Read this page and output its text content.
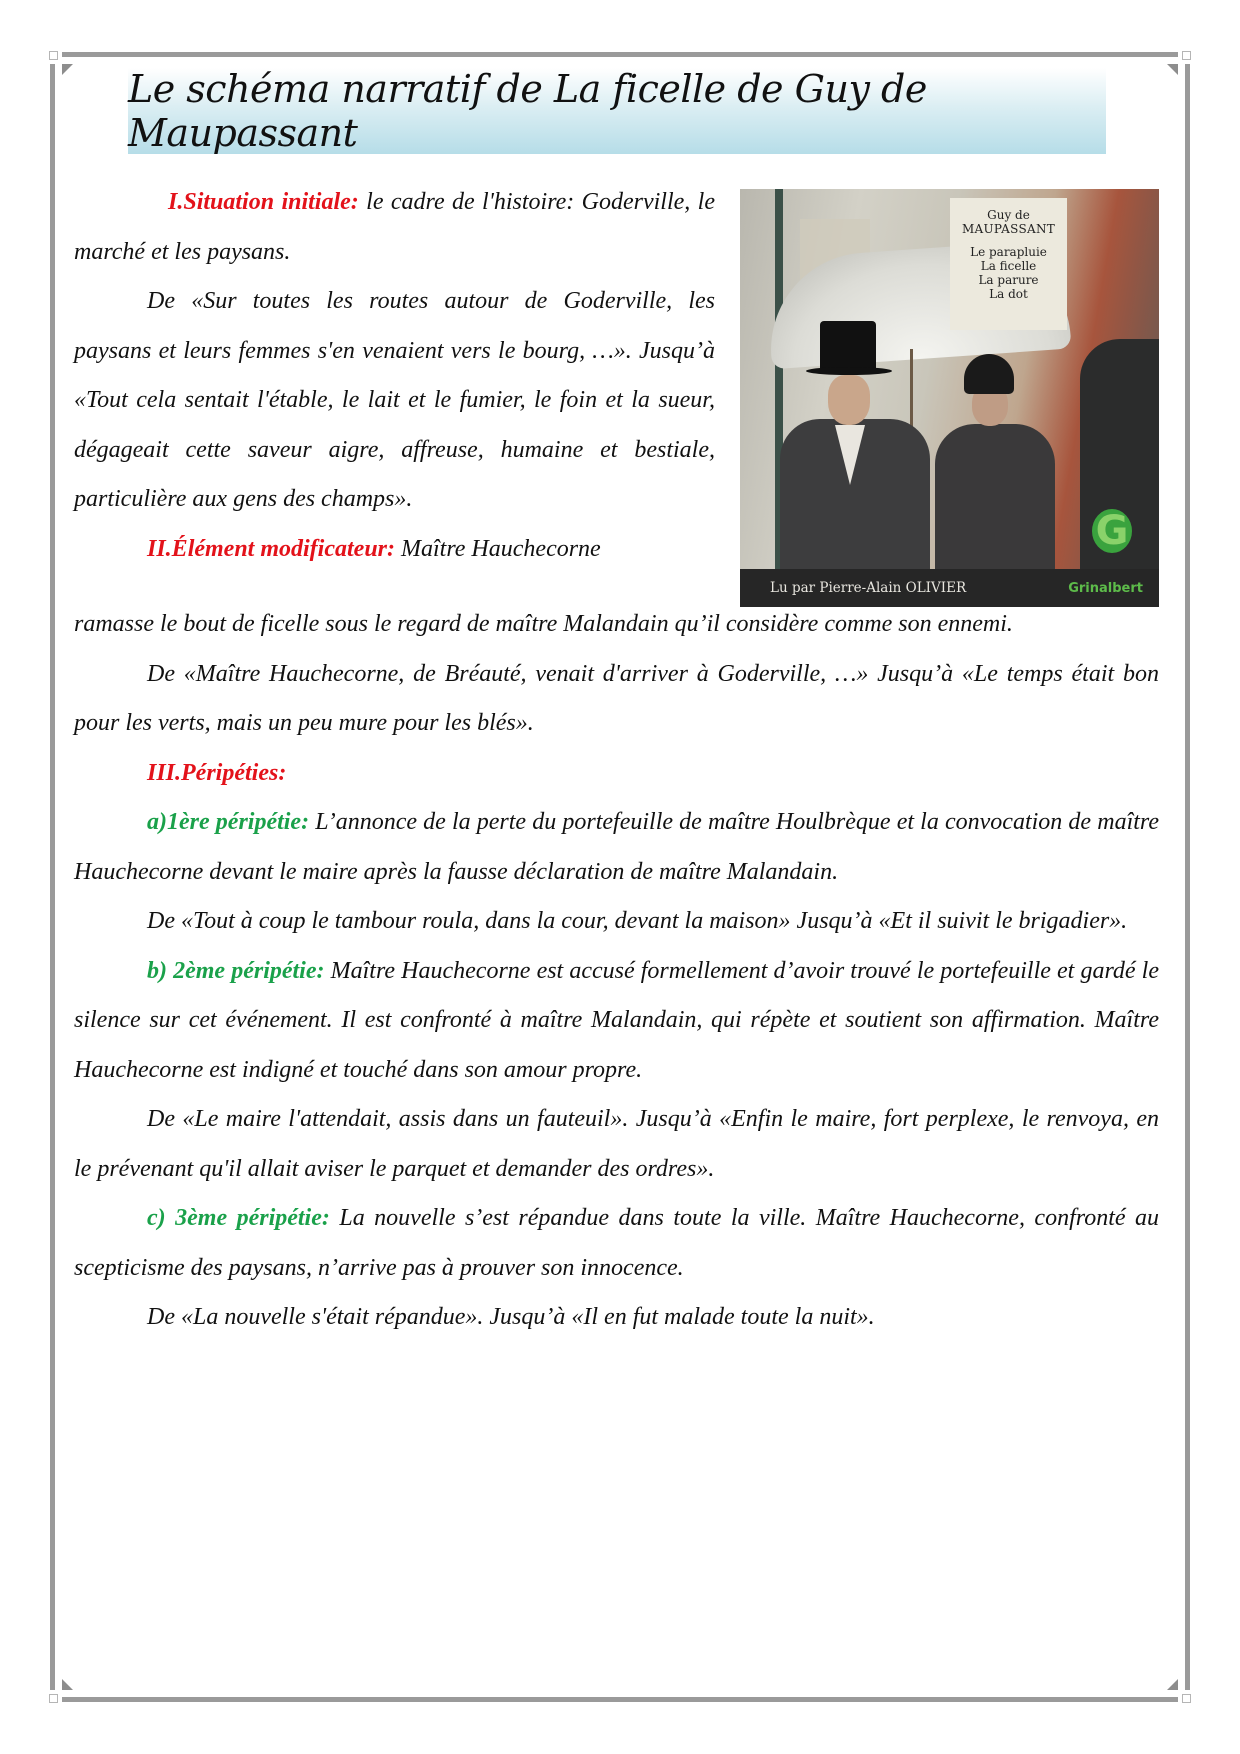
Le schéma narratif de La ficelle de Guy de Maupassant
Guy de
MAUPASSANT
Le parapluie
La ficelle
La parure
La dot
G
Lu par Pierre-Alain OLIVIER	Grinalbert

I.Situation initiale: le cadre de l'histoire: Goderville, le marché et les paysans.

De «Sur toutes les routes autour de Goderville, les paysans et leurs femmes s'en venaient vers le bourg, …». Jusqu’à «Tout cela sentait l'étable, le lait et le fumier, le foin et la sueur, dégageait cette saveur aigre, affreuse, humaine et bestiale, particulière aux gens des champs».

II.Élément modificateur: Maître Hauchecorne

ramasse le bout de ficelle sous le regard de maître Malandain qu’il considère comme son ennemi.

De «Maître Hauchecorne, de Bréauté, venait d'arriver à Goderville, …» Jusqu’à «Le temps était bon pour les verts, mais un peu mure pour les blés».

III.Péripéties:

a)1ère péripétie: L’annonce de la perte du portefeuille de maître Houlbrèque et la convocation de maître Hauchecorne devant le maire après la fausse déclaration de maître Malandain.

De «Tout à coup le tambour roula, dans la cour, devant la maison» Jusqu’à «Et il suivit le brigadier».

b) 2ème péripétie: Maître Hauchecorne est accusé formellement d’avoir trouvé le portefeuille et gardé le silence sur cet événement. Il est confronté à maître Malandain, qui répète et soutient son affirmation. Maître Hauchecorne est indigné et touché dans son amour propre.

De «Le maire l'attendait, assis dans un fauteuil». Jusqu’à «Enfin le maire, fort perplexe, le renvoya, en le prévenant qu'il allait aviser le parquet et demander des ordres».

c) 3ème péripétie: La nouvelle s’est répandue dans toute la ville. Maître Hauchecorne, confronté au scepticisme des paysans, n’arrive pas à prouver son innocence.

De «La nouvelle s'était répandue». Jusqu’à «Il en fut malade toute la nuit».
